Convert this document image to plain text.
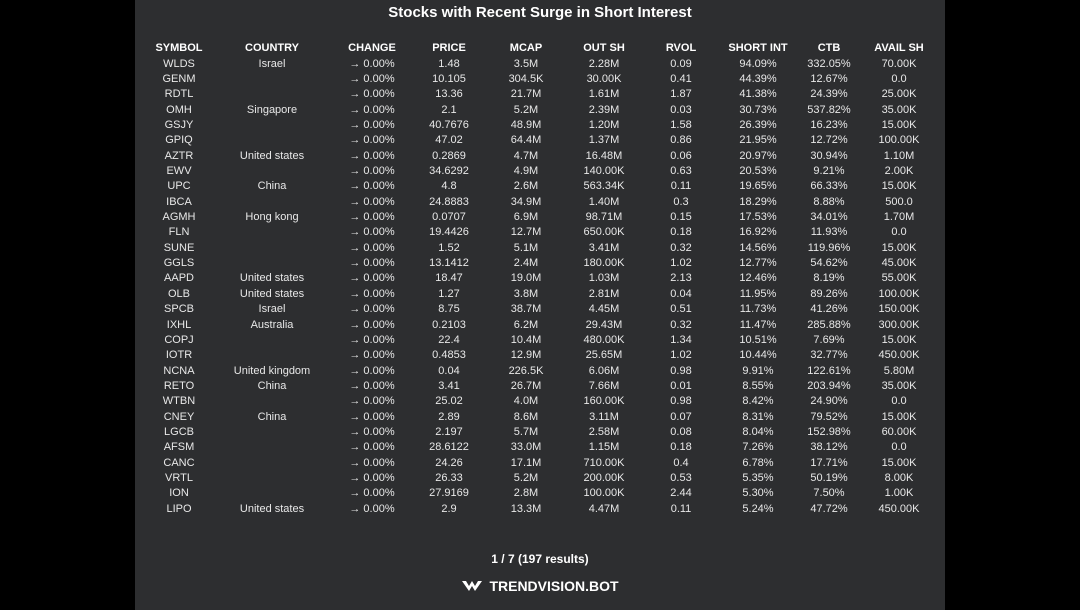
Stocks with Recent Surge in Short Interest
SYMBOL	COUNTRY	CHANGE	PRICE	MCAP	OUT SH	RVOL	SHORT INT	CTB	AVAIL SH
WLDS	Israel	→ 0.00%	1.48	3.5M	2.28M	0.09	94.09%	332.05%	70.00K
GENM		→ 0.00%	10.105	304.5K	30.00K	0.41	44.39%	12.67%	0.0
RDTL		→ 0.00%	13.36	21.7M	1.61M	1.87	41.38%	24.39%	25.00K
OMH	Singapore	→ 0.00%	2.1	5.2M	2.39M	0.03	30.73%	537.82%	35.00K
GSJY		→ 0.00%	40.7676	48.9M	1.20M	1.58	26.39%	16.23%	15.00K
GPIQ		→ 0.00%	47.02	64.4M	1.37M	0.86	21.95%	12.72%	100.00K
AZTR	United states	→ 0.00%	0.2869	4.7M	16.48M	0.06	20.97%	30.94%	1.10M
EWV		→ 0.00%	34.6292	4.9M	140.00K	0.63	20.53%	9.21%	2.00K
UPC	China	→ 0.00%	4.8	2.6M	563.34K	0.11	19.65%	66.33%	15.00K
IBCA		→ 0.00%	24.8883	34.9M	1.40M	0.3	18.29%	8.88%	500.0
AGMH	Hong kong	→ 0.00%	0.0707	6.9M	98.71M	0.15	17.53%	34.01%	1.70M
FLN		→ 0.00%	19.4426	12.7M	650.00K	0.18	16.92%	11.93%	0.0
SUNE		→ 0.00%	1.52	5.1M	3.41M	0.32	14.56%	119.96%	15.00K
GGLS		→ 0.00%	13.1412	2.4M	180.00K	1.02	12.77%	54.62%	45.00K
AAPD	United states	→ 0.00%	18.47	19.0M	1.03M	2.13	12.46%	8.19%	55.00K
OLB	United states	→ 0.00%	1.27	3.8M	2.81M	0.04	11.95%	89.26%	100.00K
SPCB	Israel	→ 0.00%	8.75	38.7M	4.45M	0.51	11.73%	41.26%	150.00K
IXHL	Australia	→ 0.00%	0.2103	6.2M	29.43M	0.32	11.47%	285.88%	300.00K
COPJ		→ 0.00%	22.4	10.4M	480.00K	1.34	10.51%	7.69%	15.00K
IOTR		→ 0.00%	0.4853	12.9M	25.65M	1.02	10.44%	32.77%	450.00K
NCNA	United kingdom	→ 0.00%	0.04	226.5K	6.06M	0.98	9.91%	122.61%	5.80M
RETO	China	→ 0.00%	3.41	26.7M	7.66M	0.01	8.55%	203.94%	35.00K
WTBN		→ 0.00%	25.02	4.0M	160.00K	0.98	8.42%	24.90%	0.0
CNEY	China	→ 0.00%	2.89	8.6M	3.11M	0.07	8.31%	79.52%	15.00K
LGCB		→ 0.00%	2.197	5.7M	2.58M	0.08	8.04%	152.98%	60.00K
AFSM		→ 0.00%	28.6122	33.0M	1.15M	0.18	7.26%	38.12%	0.0
CANC		→ 0.00%	24.26	17.1M	710.00K	0.4	6.78%	17.71%	15.00K
VRTL		→ 0.00%	26.33	5.2M	200.00K	0.53	5.35%	50.19%	8.00K
ION		→ 0.00%	27.9169	2.8M	100.00K	2.44	5.30%	7.50%	1.00K
LIPO	United states	→ 0.00%	2.9	13.3M	4.47M	0.11	5.24%	47.72%	450.00K
1 / 7 (197 results)
TRENDVISION.BOT
